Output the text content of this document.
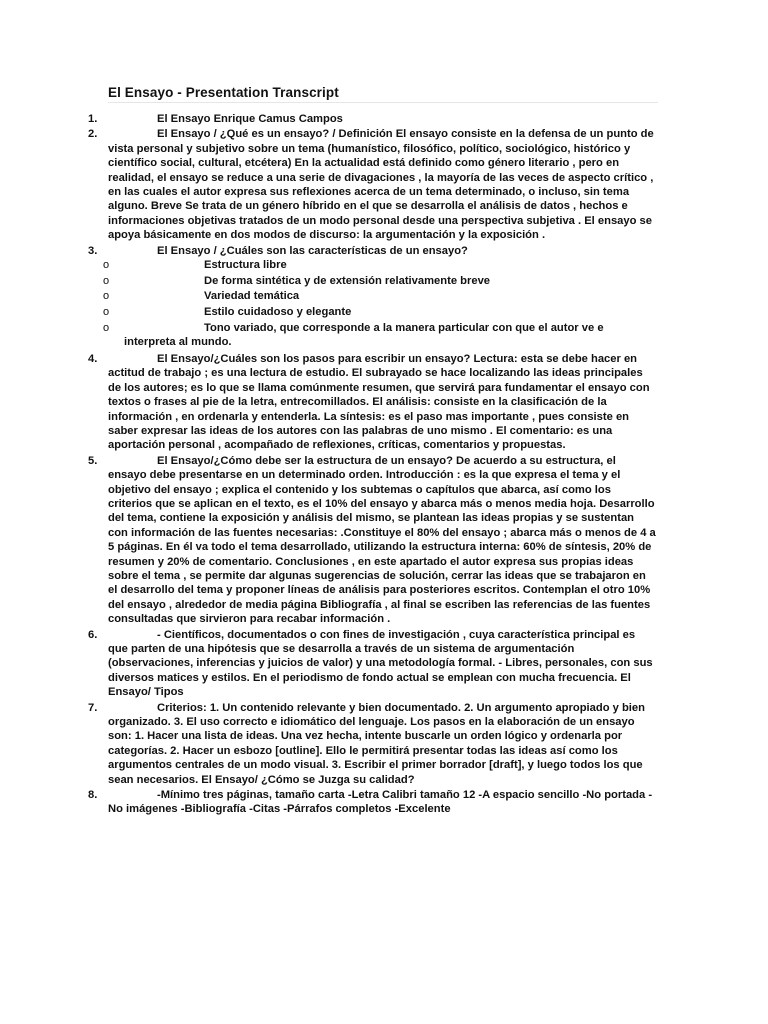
El Ensayo - Presentation Transcript
1.	El Ensayo Enrique Camus Campos
2.	El Ensayo / ¿Qué es un ensayo? / Definición El ensayo consiste en la defensa de un punto de vista personal y subjetivo sobre un tema (humanístico, filosófico, político, sociológico, histórico y científico social, cultural, etcétera) En la actualidad está definido como género literario , pero en realidad, el ensayo se reduce a una serie de divagaciones , la mayoría de las veces de aspecto crítico , en las cuales el autor expresa sus reflexiones acerca de un tema determinado, o incluso, sin tema alguno. Breve Se trata de un género híbrido en el que se desarrolla el análisis de datos , hechos e informaciones objetivas tratados de un modo personal desde una perspectiva subjetiva . El ensayo se apoya básicamente en dos modos de discurso: la argumentación y la exposición .
3.	El Ensayo / ¿Cuáles son las características de un ensayo?
o	Estructura libre
o	De forma sintética y de extensión relativamente breve
o	Variedad temática
o	Estilo cuidadoso y elegante
o	Tono variado, que corresponde a la manera particular con que el autor ve e interpreta al mundo.
4.	El Ensayo/¿Cuáles son los pasos para escribir un ensayo? Lectura: esta se debe hacer en actitud de trabajo ; es una lectura de estudio. El subrayado se hace localizando las ideas principales de los autores; es lo que se llama comúnmente resumen, que servirá para fundamentar el ensayo con textos o frases al pie de la letra, entrecomillados. El análisis: consiste en la clasificación de la información , en ordenarla y entenderla. La síntesis: es el paso mas importante , pues consiste en saber expresar las ideas de los autores con las palabras de uno mismo . El comentario: es una aportación personal , acompañado de reflexiones, críticas, comentarios y propuestas.
5.	El Ensayo/¿Cómo debe ser la estructura de un ensayo? De acuerdo a su estructura, el ensayo debe presentarse en un determinado orden. Introducción : es la que expresa el tema y el objetivo del ensayo ; explica el contenido y los subtemas o capítulos que abarca, así como los criterios que se aplican en el texto, es el 10% del ensayo y abarca más o menos media hoja. Desarrollo del tema, contiene la exposición y análisis del mismo, se plantean las ideas propias y se sustentan con información de las fuentes necesarias: .Constituye el 80% del ensayo ; abarca más o menos de 4 a 5 páginas. En él va todo el tema desarrollado, utilizando la estructura interna: 60% de síntesis, 20% de resumen y 20% de comentario. Conclusiones , en este apartado el autor expresa sus propias ideas sobre el tema , se permite dar algunas sugerencias de solución, cerrar las ideas que se trabajaron en el desarrollo del tema y proponer líneas de análisis para posteriores escritos. Contemplan el otro 10% del ensayo , alrededor de media página Bibliografía , al final se escriben las referencias de las fuentes consultadas que sirvieron para recabar información .
6.	- Científicos, documentados o con fines de investigación , cuya característica principal es que parten de una hipótesis que se desarrolla a través de un sistema de argumentación (observaciones, inferencias y juicios de valor) y una metodología formal. - Libres, personales, con sus diversos matices y estilos. En el periodismo de fondo actual se emplean con mucha frecuencia. El Ensayo/ Tipos
7.	Criterios: 1. Un contenido relevante y bien documentado. 2. Un argumento apropiado y bien organizado. 3. El uso correcto e idiomático del lenguaje. Los pasos en la elaboración de un ensayo son: 1. Hacer una lista de ideas. Una vez hecha, intente buscarle un orden lógico y ordenarla por categorías. 2. Hacer un esbozo [outline]. Ello le permitirá presentar todas las ideas así como los argumentos centrales de un modo visual. 3. Escribir el primer borrador [draft], y luego todos los que sean necesarios. El Ensayo/ ¿Cómo se Juzga su calidad?
8.	-Mínimo tres páginas, tamaño carta -Letra Calibri tamaño 12 -A espacio sencillo -No portada -No imágenes -Bibliografía -Citas -Párrafos completos -Excelente
